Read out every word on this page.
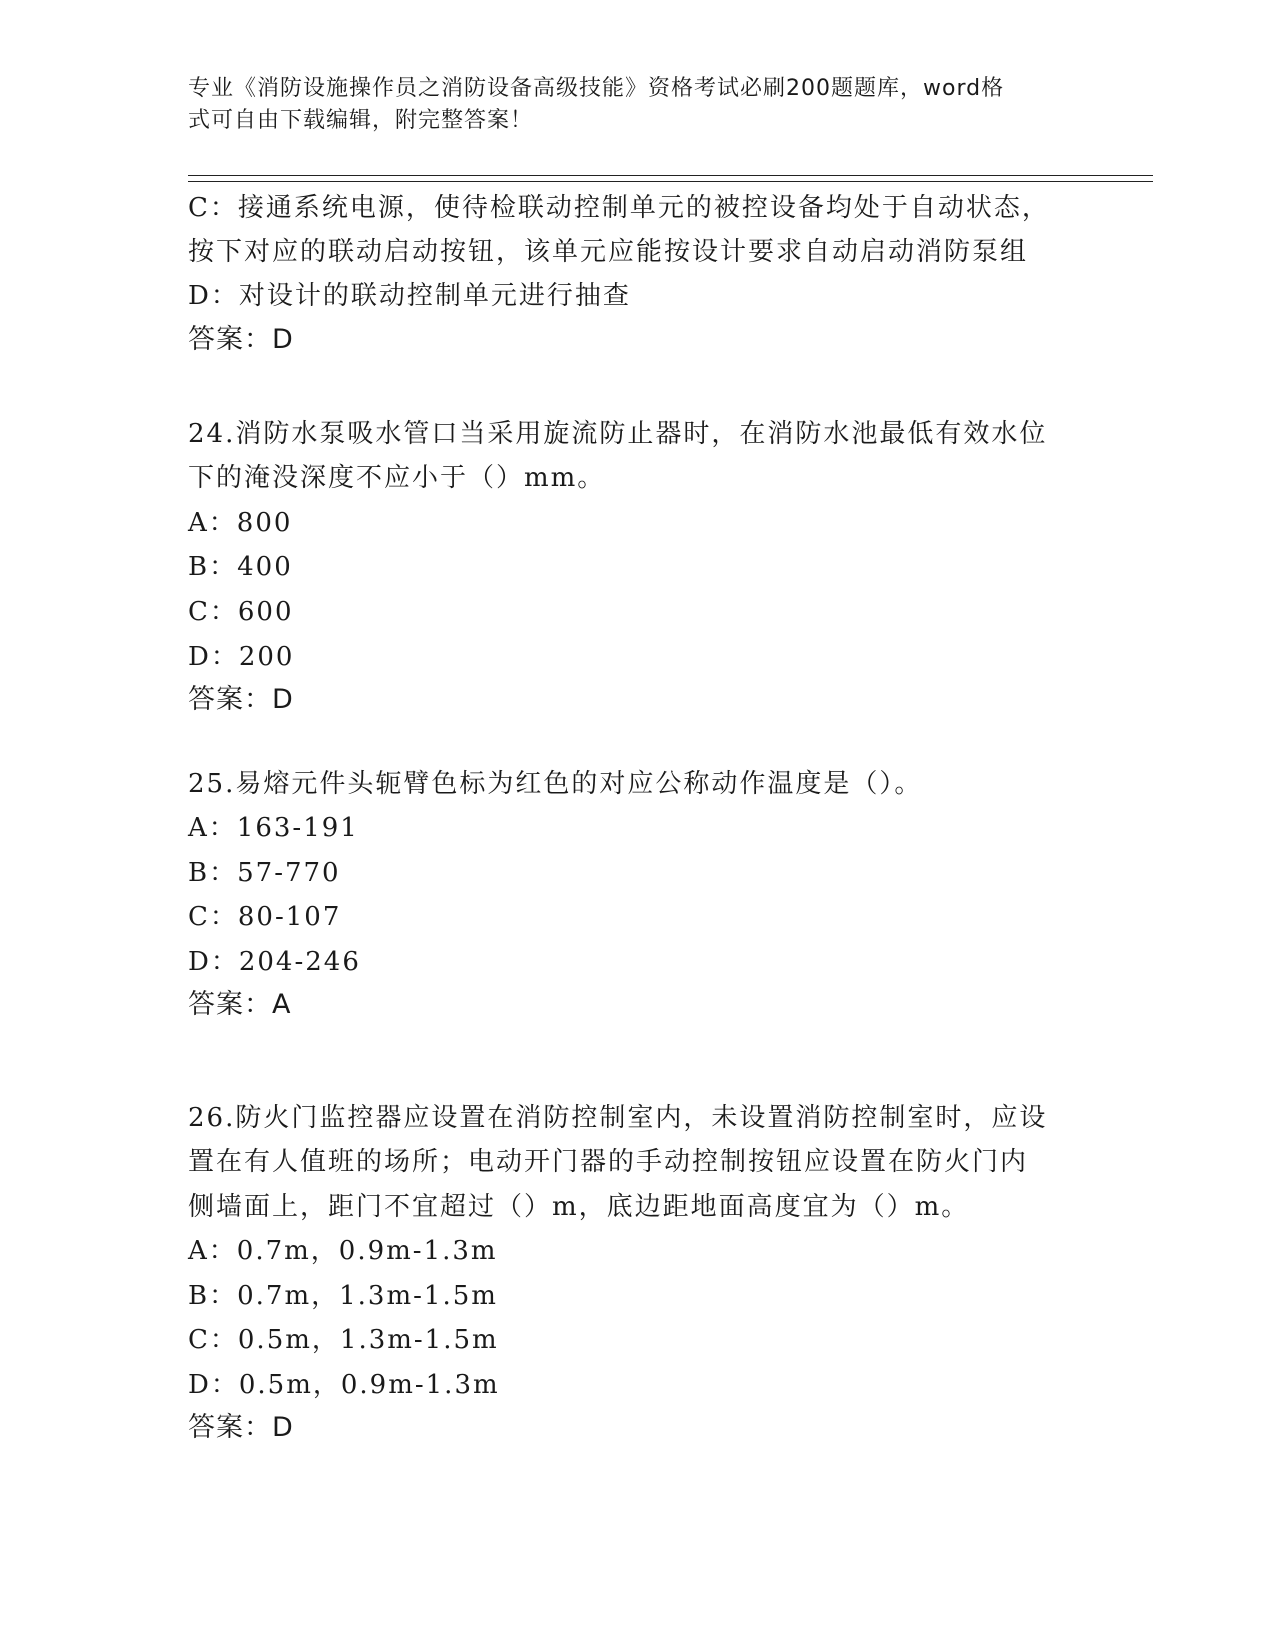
专业《消防设施操作员之消防设备高级技能》资格考试必刷200题题库，word格
式可自由下载编辑，附完整答案！
C：接通系统电源，使待检联动控制单元的被控设备均处于自动状态，
按下对应的联动启动按钮，该单元应能按设计要求自动启动消防泵组
D：对设计的联动控制单元进行抽查
答案：D
24.消防水泵吸水管口当采用旋流防止器时，在消防水池最低有效水位
下的淹没深度不应小于（）mm。
A：800
B：400
C：600
D：200
答案：D
25.易熔元件头轭臂色标为红色的对应公称动作温度是（）。
A：163-191
B：57-770
C：80-107
D：204-246
答案：A
26.防火门监控器应设置在消防控制室内，未设置消防控制室时，应设
置在有人值班的场所；电动开门器的手动控制按钮应设置在防火门内
侧墙面上，距门不宜超过（）m，底边距地面高度宜为（）m。
A：0.7m，0.9m-1.3m
B：0.7m，1.3m-1.5m
C：0.5m，1.3m-1.5m
D：0.5m，0.9m-1.3m
答案：D
